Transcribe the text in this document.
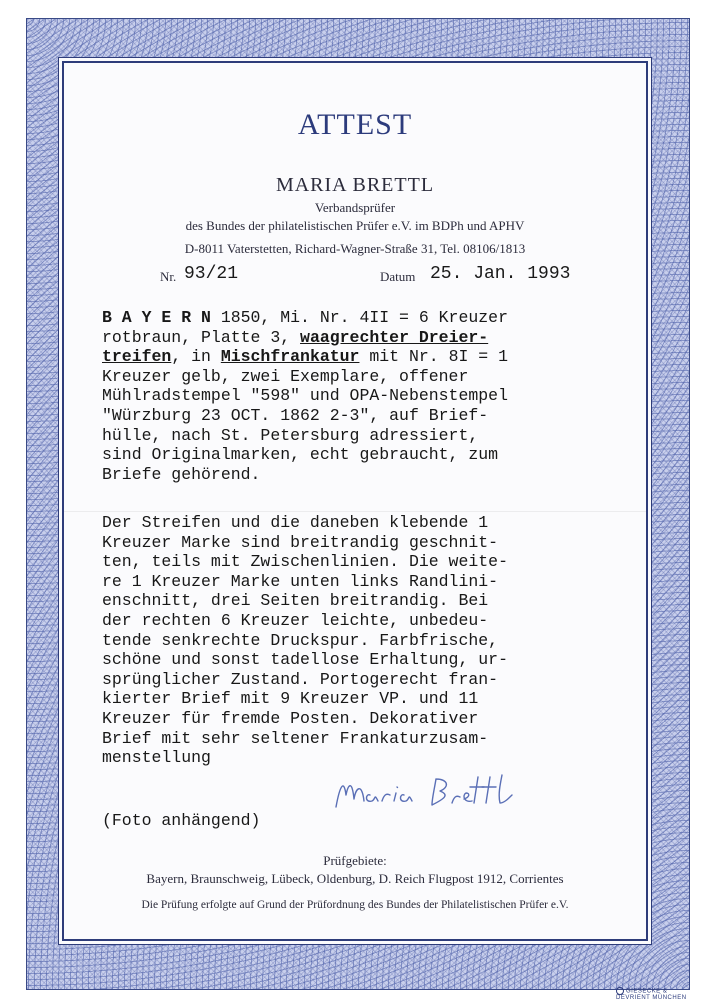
ATTEST
MARIA BRETTL
Verbandsprüfer
des Bundes der philatelistischen Prüfer e.V. im BDPh und APHV
D-8011 Vaterstetten, Richard-Wagner-Straße 31, Tel. 08106/1813
Nr. 93/21	Datum 25. Jan. 1993
B A Y E R N 1850, Mi. Nr. 4II = 6 Kreuzer
rotbraun, Platte 3, waagrechter Dreier-
treifen, in Mischfrankatur mit Nr. 8I = 1
Kreuzer gelb, zwei Exemplare, offener
Mühlradstempel "598" und OPA-Nebenstempel
"Würzburg 23 OCT. 1862 2-3", auf Brief-
hülle, nach St. Petersburg adressiert,
sind Originalmarken, echt gebraucht, zum
Briefe gehörend.
Der Streifen und die daneben klebende 1
Kreuzer Marke sind breitrandig geschnit-
ten, teils mit Zwischenlinien. Die weite-
re 1 Kreuzer Marke unten links Randlini-
enschnitt, drei Seiten breitrandig. Bei
der rechten 6 Kreuzer leichte, unbedeu-
tende senkrechte Druckspur. Farbfrische,
schöne und sonst tadellose Erhaltung, ur-
sprünglicher Zustand. Portogerecht fran-
kierter Brief mit 9 Kreuzer VP. und 11
Kreuzer für fremde Posten. Dekorativer
Brief mit sehr seltener Frankaturzusam-
menstellung
(Foto anhängend)
Prüfgebiete:
Bayern, Braunschweig, Lübeck, Oldenburg, D. Reich Flugpost 1912, Corrientes
Die Prüfung erfolgte auf Grund der Prüfordnung des Bundes der Philatelistischen Prüfer e.V.
GIESECKE & DEVRIENT MÜNCHEN
